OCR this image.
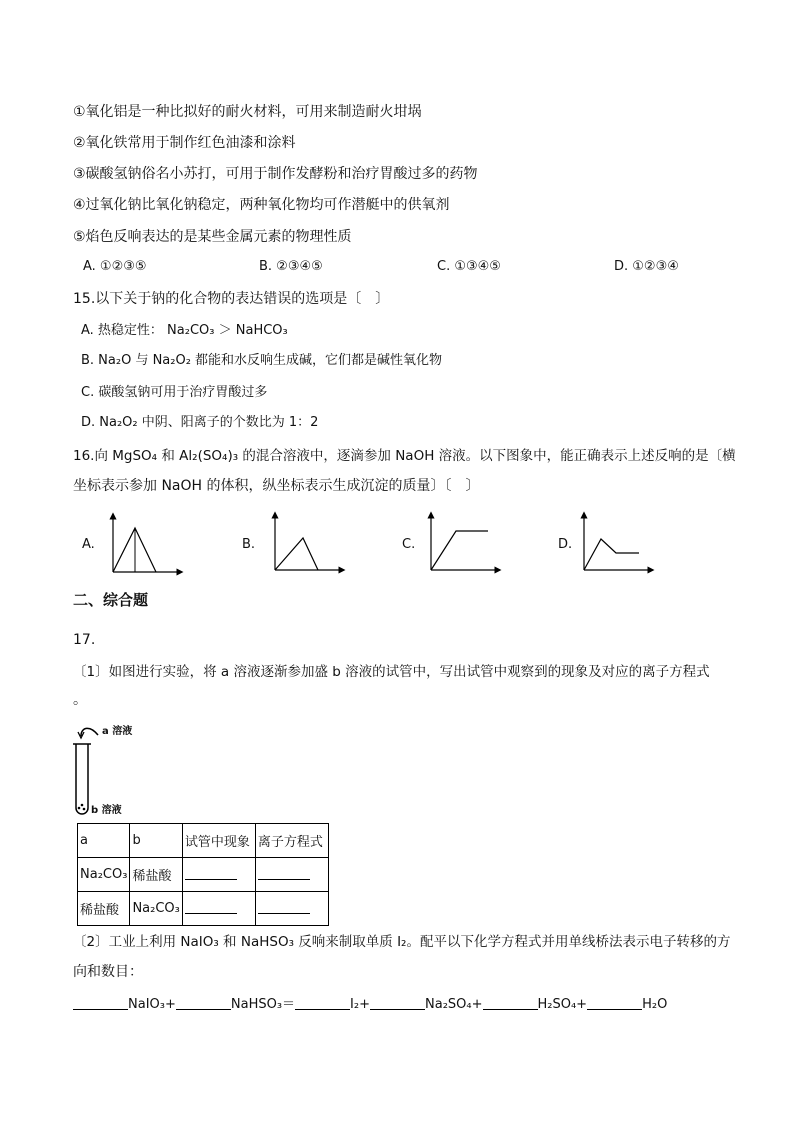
①氧化铝是一种比拟好的耐火材料，可用来制造耐火坩埚
②氧化铁常用于制作红色油漆和涂料
③碳酸氢钠俗名小苏打，可用于制作发酵粉和治疗胃酸过多的药物
④过氧化钠比氧化钠稳定，两种氧化物均可作潜艇中的供氧剂
⑤焰色反响表达的是某些金属元素的物理性质
A. ①②③⑤	B. ②③④⑤	C. ①③④⑤	D. ①②③④
15.以下关于钠的化合物的表达错误的选项是〔　〕
A. 热稳定性： Na₂CO₃ ＞ NaHCO₃
B. Na₂O 与 Na₂O₂ 都能和水反响生成碱，它们都是碱性氧化物
C. 碳酸氢钠可用于治疗胃酸过多
D. Na₂O₂ 中阴、阳离子的个数比为 1：2
16.向 MgSO₄ 和 Al₂(SO₄)₃ 的混合溶液中，逐滴参加 NaOH 溶液。以下图象中，能正确表示上述反响的是〔横
坐标表示参加 NaOH 的体积，纵坐标表示生成沉淀的质量〕〔　〕
A.	B.	C.	D.
二、综合题
17.
〔1〕如图进行实验，将 a 溶液逐渐参加盛 b 溶液的试管中，写出试管中观察到的现象及对应的离子方程式
。
a 溶液
b 溶液
a	b	试管中现象	离子方程式
Na₂CO₃	稀盐酸		
稀盐酸	Na₂CO₃		
〔2〕工业上利用 NaIO₃ 和 NaHSO₃ 反响来制取单质 I₂。配平以下化学方程式并用单线桥法表示电子转移的方
向和数目：
NaIO₃+	NaHSO₃＝	I₂+	Na₂SO₄+	H₂SO₄+	H₂O
